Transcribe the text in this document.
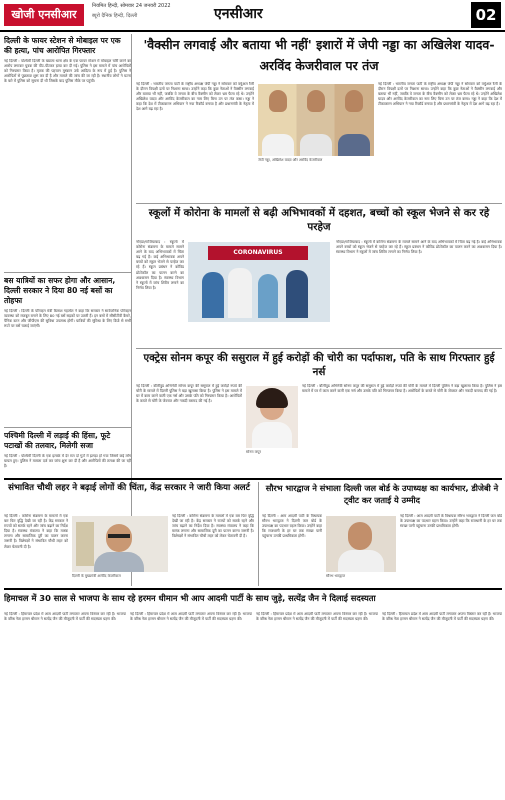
खोजी एनसीआर
नियमित हिन्दी, सोमवार 24 जनवरी 2022
ब्यूरो दैनिक हिन्दी, दिल्ली	एनसीआर	02
'वैक्सीन लगवाई और बताया भी नहीं' इशारों में जेपी नड्डा का अखिलेश यादव-अरविंद केजरीवाल पर तंज
दिल्ली के फायर स्टेशन से मोबाइल पर एक की हत्या, पांच आरोपित गिरफ्तार
नई दिल्ली : पश्चिमी दिल्ली के ख्याला थाना क्षेत्र के एक फायर स्टेशन में मोबाइल चोरी करने का आरोप लगाकर युवक की पीट-पीटकर हत्या कर दी गई। पुलिस ने इस मामले में पांच आरोपितों को गिरफ्तार किया है। मृतक की पहचान मुस्कान उर्फ आदित्य के रूप में हुई है। पुलिस ने आरोपितों से पूछताछ शुरू कर दी है और मामले की जांच की जा रही है। स्थानीय लोगों ने घटना के बारे में पुलिस को सूचना दी थी जिसके बाद पुलिस मौके पर पहुंची।
बस यात्रियों का सफर होगा और आसान, दिल्ली सरकार ने दिया 80 नई बसों का तोहफा
नई दिल्ली : दिल्ली के परिवहन मंत्री कैलाश गहलोत ने कहा कि सरकार ने सार्वजनिक परिवहन व्यवस्था को मजबूत बनाने के लिए 80 नई बसें सड़कों पर उतारी हैं। इन बसों में सीसीटीवी कैमरे, पैनिक बटन और जीपीएस की सुविधा उपलब्ध होगी। यात्रियों की सुविधा के लिए डिपो से सभी रूटों पर बसें चलाई जाएंगी।
पश्चिमी दिल्ली में लड़ाई की हिंसा, फूटे पटाखों की तलवार, मिलेगी सजा
नई दिल्ली : पश्चिमी दिल्ली के एक इलाके में देर रात दो गुटों में झगड़ा हो गया जिसमें कई लोग घायल हुए। पुलिस ने मामला दर्ज कर जांच शुरू कर दी है और आरोपितों की तलाश की जा रही है।
नई दिल्ली : भारतीय जनता पार्टी के राष्ट्रीय अध्यक्ष जेपी नड्डा ने सोमवार को वर्चुअल रैली के दौरान विपक्षी दलों पर निशाना साधा। उन्होंने कहा कि कुछ नेताओं ने वैक्सीन लगवाई और बताया भी नहीं, जबकि वे जनता के बीच वैक्सीन को लेकर भ्रम फैला रहे थे। उन्होंने अखिलेश यादव और अरविंद केजरीवाल का नाम लिए बिना उन पर तंज कसा। नड्डा ने कहा कि देश में टीकाकरण अभियान ने नया रिकॉर्ड बनाया है और प्रधानमंत्री के नेतृत्व में देश आगे बढ़ रहा है।
जेपी नड्डा, अखिलेश यादव और अरविंद केजरीवाल
नई दिल्ली : भारतीय जनता पार्टी के राष्ट्रीय अध्यक्ष जेपी नड्डा ने सोमवार को वर्चुअल रैली के दौरान विपक्षी दलों पर निशाना साधा। उन्होंने कहा कि कुछ नेताओं ने वैक्सीन लगवाई और बताया भी नहीं, जबकि वे जनता के बीच वैक्सीन को लेकर भ्रम फैला रहे थे। उन्होंने अखिलेश यादव और अरविंद केजरीवाल का नाम लिए बिना उन पर तंज कसा। नड्डा ने कहा कि देश में टीकाकरण अभियान ने नया रिकॉर्ड बनाया है और प्रधानमंत्री के नेतृत्व में देश आगे बढ़ रहा है।
स्कूलों में कोरोना के मामलों से बढ़ी अभिभावकों में दहशत, बच्चों को स्कूल भेजने से कर रहे परहेज
नोएडा/गाजियाबाद : स्कूलों में कोरोना संक्रमण के मामले सामने आने के बाद अभिभावकों में चिंता बढ़ गई है। कई अभिभावक अपने बच्चों को स्कूल भेजने से परहेज कर रहे हैं। स्कूल प्रबंधन ने कोविड प्रोटोकॉल का पालन करने का आश्वासन दिया है। स्वास्थ्य विभाग ने स्कूलों में जांच शिविर लगाने का निर्णय लिया है।
CORONAVIRUS
नोएडा/गाजियाबाद : स्कूलों में कोरोना संक्रमण के मामले सामने आने के बाद अभिभावकों में चिंता बढ़ गई है। कई अभिभावक अपने बच्चों को स्कूल भेजने से परहेज कर रहे हैं। स्कूल प्रबंधन ने कोविड प्रोटोकॉल का पालन करने का आश्वासन दिया है। स्वास्थ्य विभाग ने स्कूलों में जांच शिविर लगाने का निर्णय लिया है।
एक्ट्रेस सोनम कपूर की ससुराल में हुई करोड़ों की चोरी का पर्दाफाश, पति के साथ गिरफ्तार हुई नर्स
नई दिल्ली : बॉलीवुड अभिनेत्री सोनम कपूर की ससुराल में हुई करोड़ों रुपये की चोरी के मामले में दिल्ली पुलिस ने बड़ा खुलासा किया है। पुलिस ने इस मामले में घर में काम करने वाली एक नर्स और उसके पति को गिरफ्तार किया है। आरोपितों के कब्जे से चोरी के जेवरात और नकदी बरामद की गई है।
सोनम कपूर
नई दिल्ली : बॉलीवुड अभिनेत्री सोनम कपूर की ससुराल में हुई करोड़ों रुपये की चोरी के मामले में दिल्ली पुलिस ने बड़ा खुलासा किया है। पुलिस ने इस मामले में घर में काम करने वाली एक नर्स और उसके पति को गिरफ्तार किया है। आरोपितों के कब्जे से चोरी के जेवरात और नकदी बरामद की गई है।
संभावित चौथी लहर ने बढ़ाई लोगों की चिंता, केंद्र सरकार ने जारी किया अलर्ट
नई दिल्ली : कोरोना संक्रमण के मामलों में एक बार फिर वृद्धि देखी जा रही है। केंद्र सरकार ने राज्यों को सतर्क रहने और जांच बढ़ाने का निर्देश दिया है। स्वास्थ्य मंत्रालय ने कहा कि मास्क लगाना और सामाजिक दूरी का पालन करना जरूरी है। विशेषज्ञों ने संभावित चौथी लहर को लेकर चेतावनी दी है।
दिल्ली के मुख्यमंत्री अरविंद केजरीवाल
नई दिल्ली : कोरोना संक्रमण के मामलों में एक बार फिर वृद्धि देखी जा रही है। केंद्र सरकार ने राज्यों को सतर्क रहने और जांच बढ़ाने का निर्देश दिया है। स्वास्थ्य मंत्रालय ने कहा कि मास्क लगाना और सामाजिक दूरी का पालन करना जरूरी है। विशेषज्ञों ने संभावित चौथी लहर को लेकर चेतावनी दी है।
सौरभ भारद्वाज ने संभाला दिल्ली जल बोर्ड के उपाध्यक्ष का कार्यभार, डीजेबी ने ट्वीट कर जताई ये उम्मीद
नई दिल्ली : आम आदमी पार्टी के विधायक सौरभ भारद्वाज ने दिल्ली जल बोर्ड के उपाध्यक्ष का पदभार ग्रहण किया। उन्होंने कहा कि राजधानी के हर घर तक स्वच्छ पानी पहुंचाना उनकी प्राथमिकता होगी।
सौरभ भारद्वाज
नई दिल्ली : आम आदमी पार्टी के विधायक सौरभ भारद्वाज ने दिल्ली जल बोर्ड के उपाध्यक्ष का पदभार ग्रहण किया। उन्होंने कहा कि राजधानी के हर घर तक स्वच्छ पानी पहुंचाना उनकी प्राथमिकता होगी।
हिमाचल में 30 साल से भाजपा के साथ रहे हरमन धीमान भी आप आदमी पार्टी के साथ जुड़े, सत्येंद्र जैन ने दिलाई सदस्यता
नई दिल्ली : हिमाचल प्रदेश में आम आदमी पार्टी लगातार अपना विस्तार कर रही है। भाजपा के वरिष्ठ नेता हरमन धीमान ने सत्येंद्र जैन की मौजूदगी में पार्टी की सदस्यता ग्रहण की।
नई दिल्ली : हिमाचल प्रदेश में आम आदमी पार्टी लगातार अपना विस्तार कर रही है। भाजपा के वरिष्ठ नेता हरमन धीमान ने सत्येंद्र जैन की मौजूदगी में पार्टी की सदस्यता ग्रहण की।
नई दिल्ली : हिमाचल प्रदेश में आम आदमी पार्टी लगातार अपना विस्तार कर रही है। भाजपा के वरिष्ठ नेता हरमन धीमान ने सत्येंद्र जैन की मौजूदगी में पार्टी की सदस्यता ग्रहण की।
नई दिल्ली : हिमाचल प्रदेश में आम आदमी पार्टी लगातार अपना विस्तार कर रही है। भाजपा के वरिष्ठ नेता हरमन धीमान ने सत्येंद्र जैन की मौजूदगी में पार्टी की सदस्यता ग्रहण की।
